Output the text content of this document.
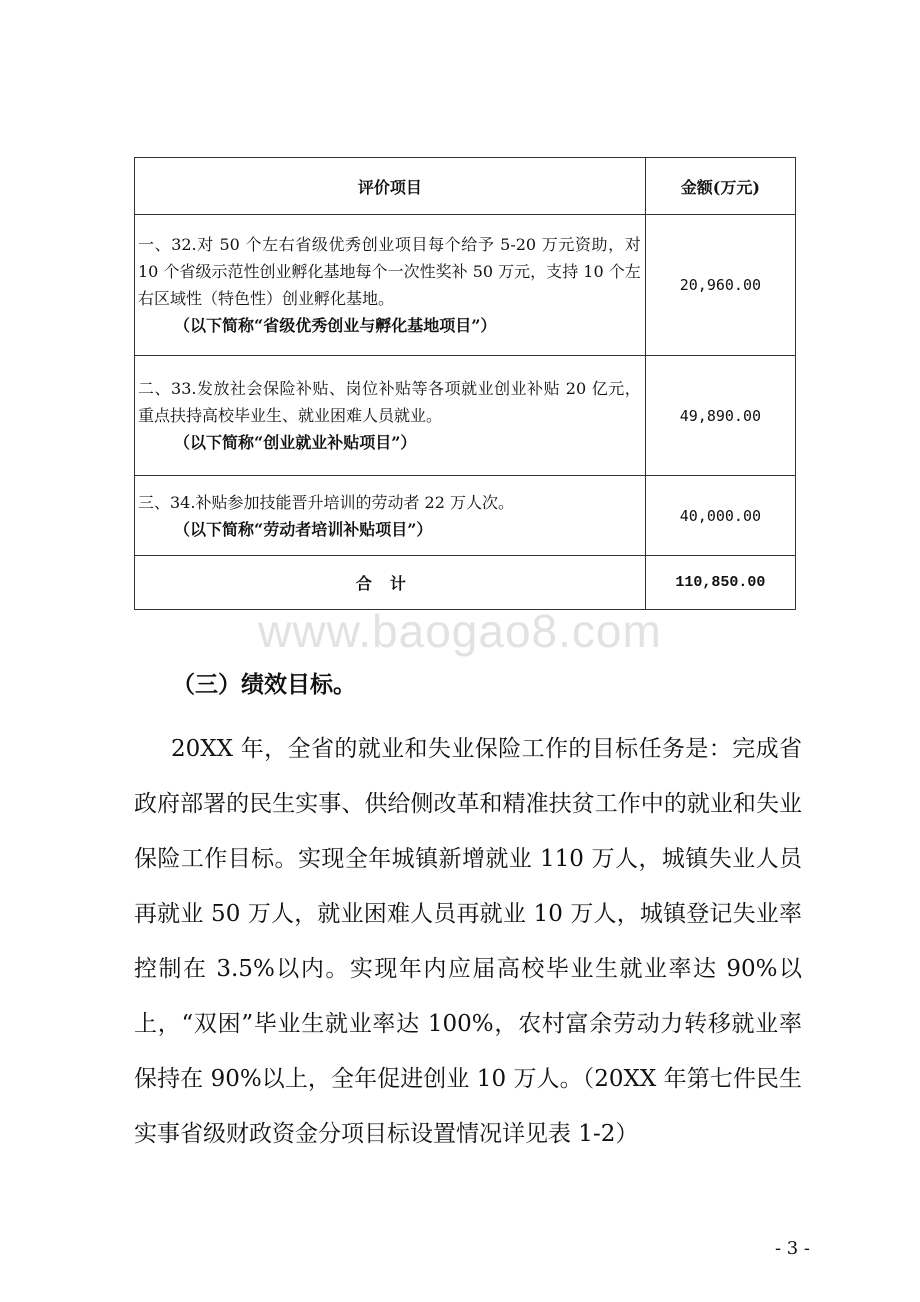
评价项目	金额(万元)

一、32.对 50 个左右省级优秀创业项目每个给予 5-20 万元资助，对 10 个省级示范性创业孵化基地每个一次性奖补 50 万元，支持 10 个左右区域性（特色性）创业孵化基地。
（以下简称“省级优秀创业与孵化基地项目”）	20,960.00

二、33.发放社会保险补贴、岗位补贴等各项就业创业补贴 20 亿元，重点扶持高校毕业生、就业困难人员就业。
（以下简称“创业就业补贴项目”）	49,890.00

三、34.补贴参加技能晋升培训的劳动者 22 万人次。
（以下简称“劳动者培训补贴项目”）	40,000.00
合计	110,850.00
www.baogao8.com
（三）绩效目标。

20XX 年，全省的就业和失业保险工作的目标任务是：完成省政府部署的民生实事、供给侧改革和精准扶贫工作中的就业和失业保险工作目标。实现全年城镇新增就业 110 万人，城镇失业人员再就业 50 万人，就业困难人员再就业 10 万人，城镇登记失业率控制在 3.5%以内。实现年内应届高校毕业生就业率达 90%以上，“双困”毕业生就业率达 100%，农村富余劳动力转移就业率保持在 90%以上，全年促进创业 10 万人。（20XX 年第七件民生实事省级财政资金分项目标设置情况详见表 1-2）

- 3 -
